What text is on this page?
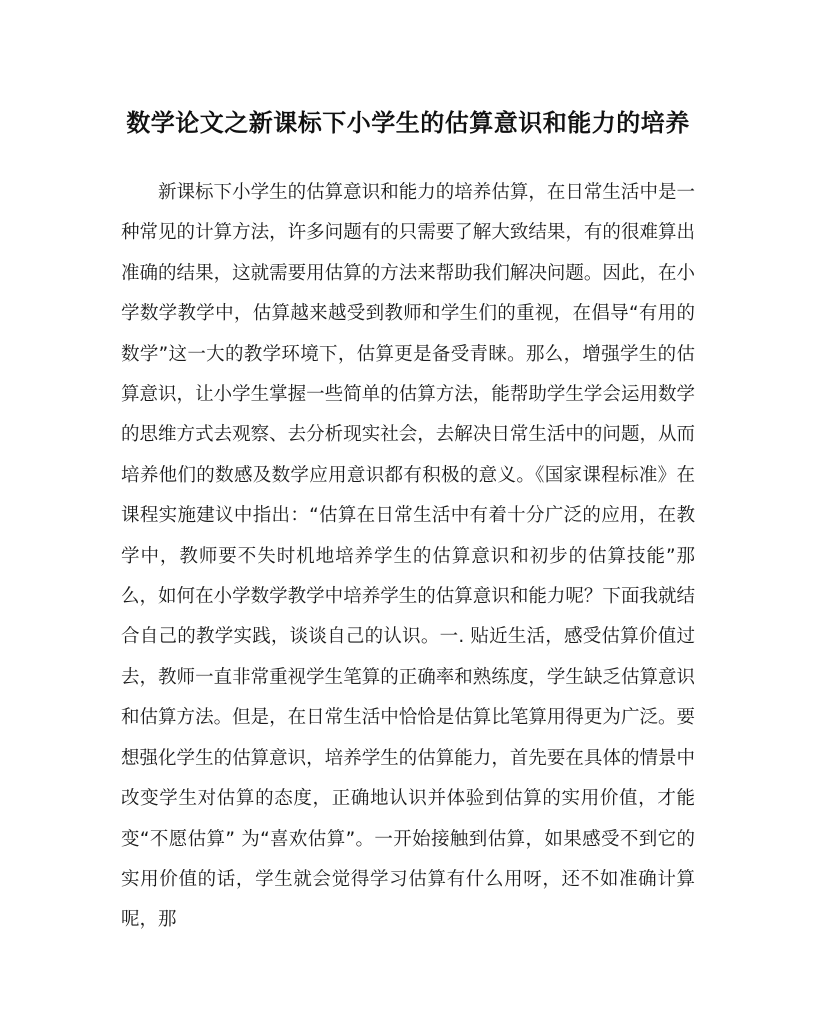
数学论文之新课标下小学生的估算意识和能力的培养

新课标下小学生的估算意识和能力的培养估算，在日常生活中是一种常见的计算方法，许多问题有的只需要了解大致结果，有的很难算出准确的结果，这就需要用估算的方法来帮助我们解决问题。因此，在小学数学教学中，估算越来越受到教师和学生们的重视，在倡导“有用的数学”这一大的教学环境下，估算更是备受青睐。那么，增强学生的估算意识，让小学生掌握一些简单的估算方法，能帮助学生学会运用数学的思维方式去观察、去分析现实社会，去解决日常生活中的问题，从而培养他们的数感及数学应用意识都有积极的意义。《国家课程标准》在课程实施建议中指出：“估算在日常生活中有着十分广泛的应用，在教学中，教师要不失时机地培养学生的估算意识和初步的估算技能”那么，如何在小学数学教学中培养学生的估算意识和能力呢？下面我就结合自己的教学实践，谈谈自己的认识。一. 贴近生活，感受估算价值过去，教师一直非常重视学生笔算的正确率和熟练度，学生缺乏估算意识和估算方法。但是，在日常生活中恰恰是估算比笔算用得更为广泛。要想强化学生的估算意识，培养学生的估算能力，首先要在具体的情景中改变学生对估算的态度，正确地认识并体验到估算的实用价值，才能变“不愿估算” 为“喜欢估算”。一开始接触到估算，如果感受不到它的实用价值的话，学生就会觉得学习估算有什么用呀，还不如准确计算呢，那
